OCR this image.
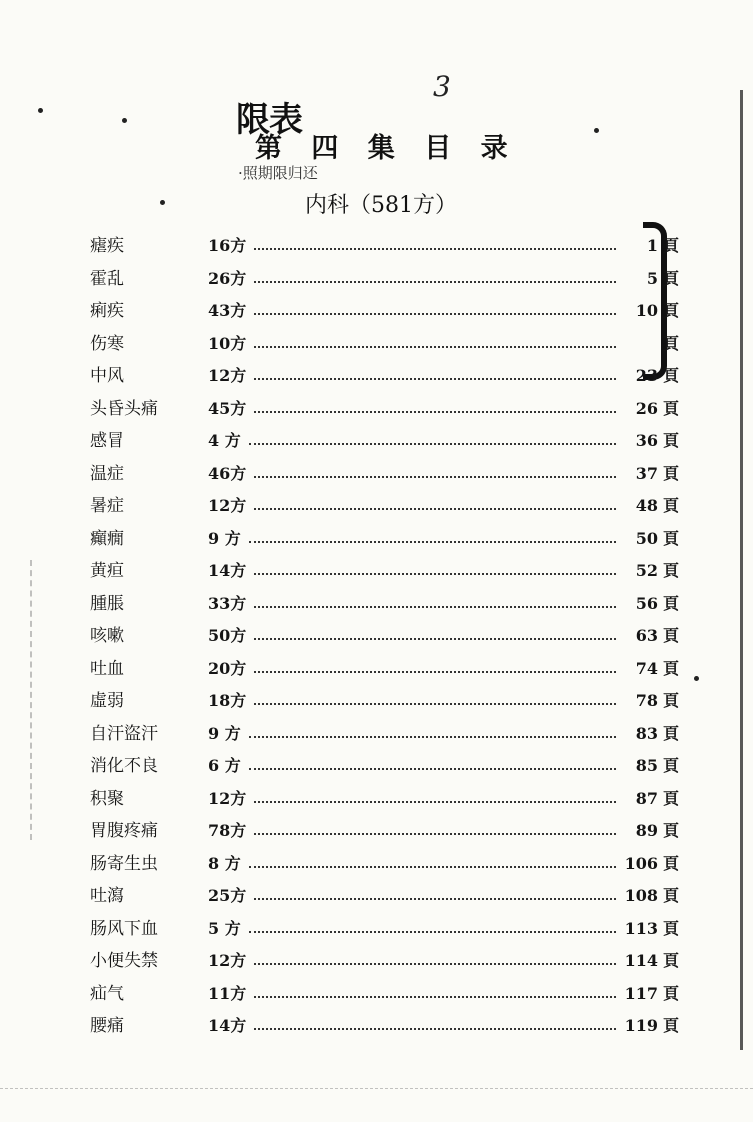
3
限表
第 四 集 目 录
·照期限归还
内科（581方）
瘧疾	16方	1 頁
霍乱	26方	5 頁
痢疾	43方	10 頁
伤寒	10方	頁
中风	12方	23 頁
头昏头痛	45方	26 頁
感冒	4 方	36 頁
温症	46方	37 頁
暑症	12方	48 頁
癲癇	9 方	50 頁
黄疸	14方	52 頁
腫脹	33方	56 頁
咳嗽	50方	63 頁
吐血	20方	74 頁
虛弱	18方	78 頁
自汗盜汗	9 方	83 頁
消化不良	6 方	85 頁
积聚	12方	87 頁
胃腹疼痛	78方	89 頁
肠寄生虫	8 方	106 頁
吐瀉	25方	108 頁
肠风下血	5 方	113 頁
小便失禁	12方	114 頁
疝气	11方	117 頁
腰痛	14方	119 頁
